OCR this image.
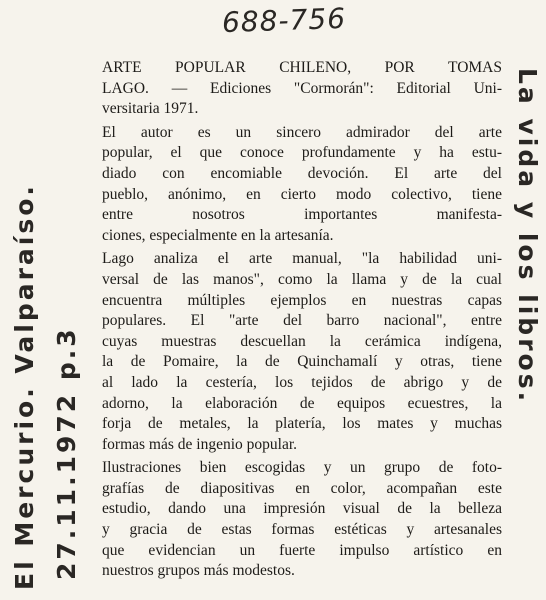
688-756
El Mercurio. Valparaíso. 27.11.1972 p.3
La vida y los libros.

ARTE POPULAR CHILENO, POR TOMAS
LAGO. — Ediciones "Cormorán": Editorial Uni-
versitaria 1971.

El autor es un sincero admirador del arte
popular, el que conoce profundamente y ha estu-
diado con encomiable devoción. El arte del
pueblo, anónimo, en cierto modo colectivo, tiene
entre nosotros importantes manifesta-
ciones, especialmente en la artesanía.

Lago analiza el arte manual, "la habilidad uni-
versal de las manos", como la llama y de la cual
encuentra múltiples ejemplos en nuestras capas
populares. El "arte del barro nacional", entre
cuyas muestras descuellan la cerámica indígena,
la de Pomaire, la de Quinchamalí y otras, tiene
al lado la cestería, los tejidos de abrigo y de
adorno, la elaboración de equipos ecuestres, la
forja de metales, la platería, los mates y muchas
formas más de ingenio popular.

Ilustraciones bien escogidas y un grupo de foto-
grafías de diapositivas en color, acompañan este
estudio, dando una impresión visual de la belleza
y gracia de estas formas estéticas y artesanales
que evidencian un fuerte impulso artístico en
nuestros grupos más modestos.
